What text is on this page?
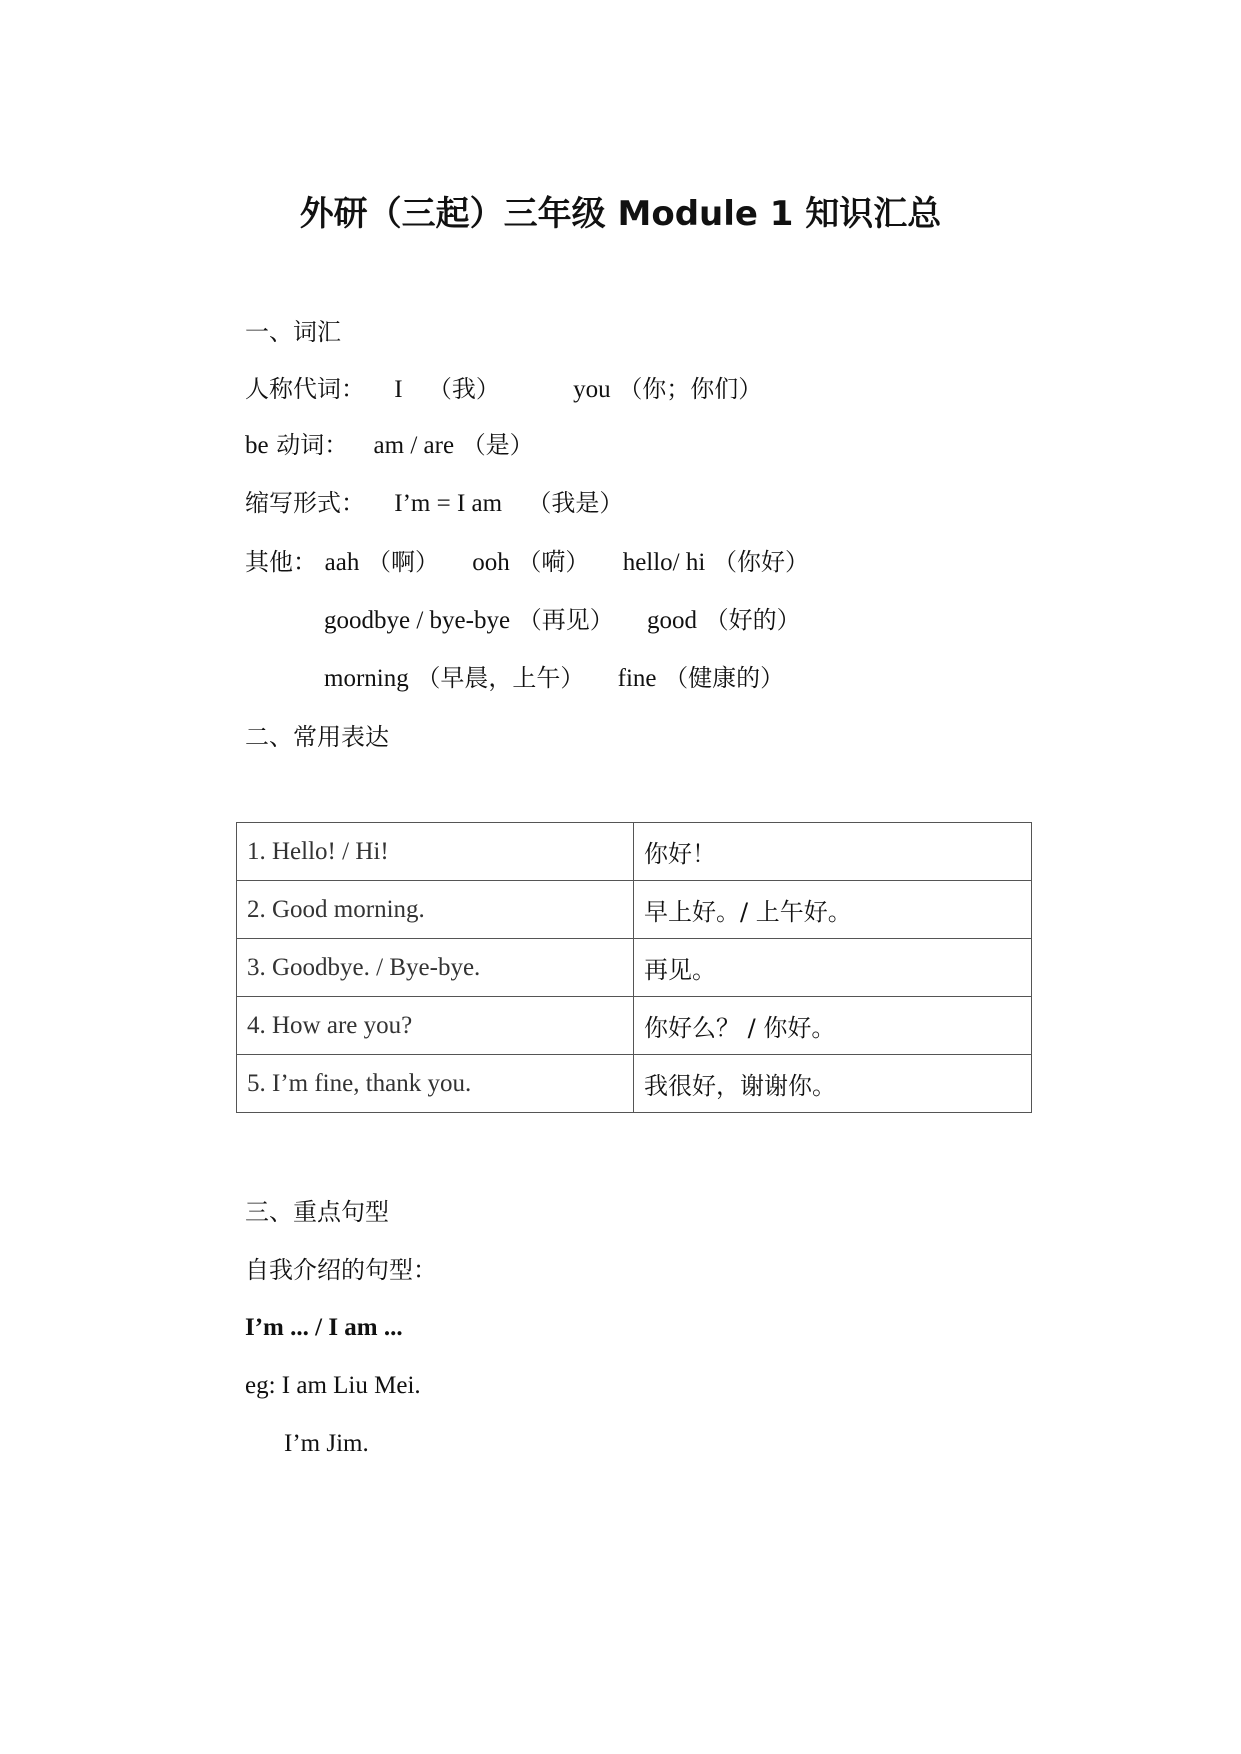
外研（三起）三年级 Module 1 知识汇总
一、词汇
人称代词： I （我）	you （你；你们）
be 动词： am / are （是）
缩写形式： I’m = I am （我是）
其他： aah （啊） ooh （嗬） hello/ hi （你好）
goodbye / bye-bye （再见） good （好的）
morning （早晨，上午） fine （健康的）
二、常用表达
1. Hello! / Hi!	你好！
2. Good morning.	早上好。/ 上午好。
3. Goodbye. / Bye-bye.	再见。
4. How are you?	你好么？ / 你好。
5. I’m fine, thank you.	我很好，谢谢你。
三、重点句型
自我介绍的句型：
I’m ... / I am ...
eg: I am Liu Mei.
I’m Jim.
